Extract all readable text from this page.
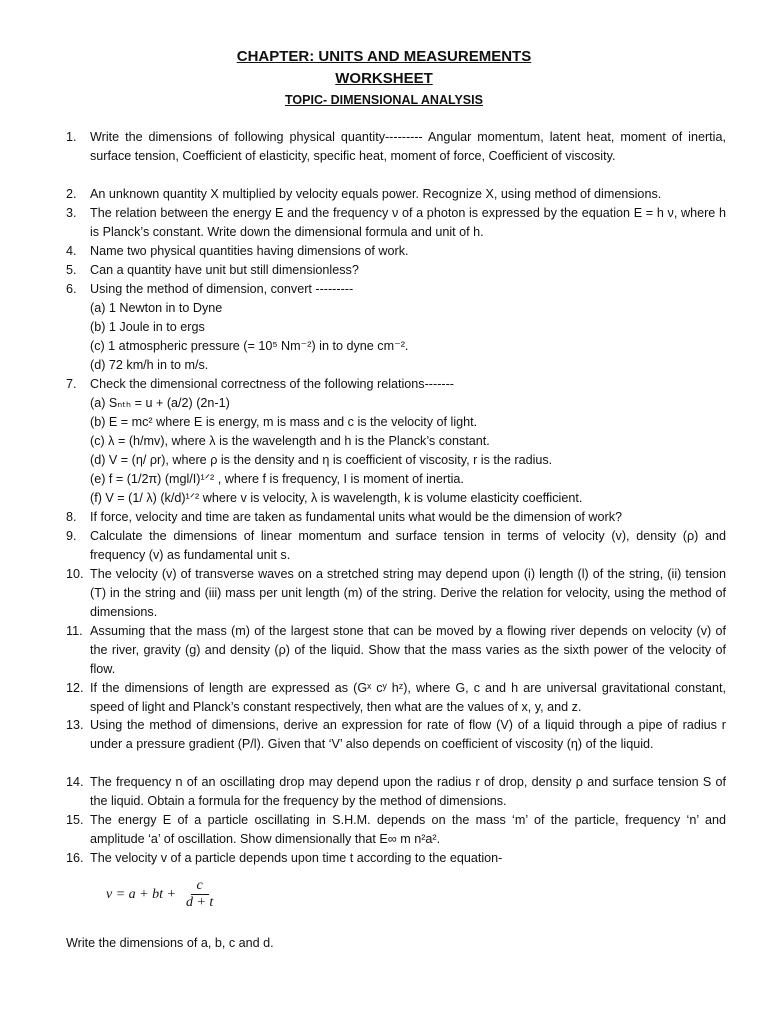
CHAPTER: UNITS AND MEASUREMENTS
WORKSHEET
TOPIC- DIMENSIONAL ANALYSIS
1.	Write the dimensions of following physical quantity--------- Angular momentum, latent heat, moment of inertia, surface tension, Coefficient of elasticity, specific heat, moment of force, Coefficient of viscosity.
2.	An unknown quantity X multiplied by velocity equals power. Recognize X, using method of dimensions.
3.	The relation between the energy E and the frequency ν of a photon is expressed by the equation E = h ν, where h is Planck’s constant. Write down the dimensional formula and unit of h.
4.	Name two physical quantities having dimensions of work.
5.	Can a quantity have unit but still dimensionless?
6.	Using the method of dimension, convert ---------
(a) 1 Newton in to Dyne
(b) 1 Joule in to ergs
(c) 1 atmospheric pressure (= 10⁵ Nm⁻²) in to dyne cm⁻².
(d) 72 km/h in to m/s.
7.	Check the dimensional correctness of the following relations-------
(a) Sₙₜₕ = u + (a/2) (2n-1)
(b) E = mc² where E is energy, m is mass and c is the velocity of light.
(c) λ = (h/mv), where λ is the wavelength and h is the Planck’s constant.
(d) V = (η/ ρr), where ρ is the density and η is coefficient of viscosity, r is the radius.
(e) f = (1/2π) (mgl/I)¹ᐟ² , where f is frequency, I is moment of inertia.
(f) V = (1/ λ) (k/d)¹ᐟ² where v is velocity, λ is wavelength, k is volume elasticity coefficient.
8.	If force, velocity and time are taken as fundamental units what would be the dimension of work?
9.	Calculate the dimensions of linear momentum and surface tension in terms of velocity (v), density (ρ) and frequency (v) as fundamental unit s.
10. The velocity (v) of transverse waves on a stretched string may depend upon (i) length (l) of the string, (ii) tension (T) in the string and (iii) mass per unit length (m) of the string. Derive the relation for velocity, using the method of dimensions.
11. Assuming that the mass (m) of the largest stone that can be moved by a flowing river depends on velocity (v) of the river, gravity (g) and density (ρ) of the liquid. Show that the mass varies as the sixth power of the velocity of flow.
12. If the dimensions of length are expressed as (Gˣ cʸ hᶻ), where G, c and h are universal gravitational constant, speed of light and Planck’s constant respectively, then what are the values of x, y, and z.
13. Using the method of dimensions, derive an expression for rate of flow (V) of a liquid through a pipe of radius r under a pressure gradient (P/l). Given that ‘V’ also depends on coefficient of viscosity (η) of the liquid.
14. The frequency n of an oscillating drop may depend upon the radius r of drop, density ρ and surface tension S of the liquid. Obtain a formula for the frequency by the method of dimensions.
15. The energy E of a particle oscillating in S.H.M. depends on the mass ‘m’ of the particle, frequency ‘n’ and amplitude ‘a’ of oscillation. Show dimensionally that E∞ m n²a².
16. The velocity v of a particle depends upon time t according to the equation-
v = a + bt + $\frac{c}{d + t}$
Write the dimensions of a, b, c and d.
